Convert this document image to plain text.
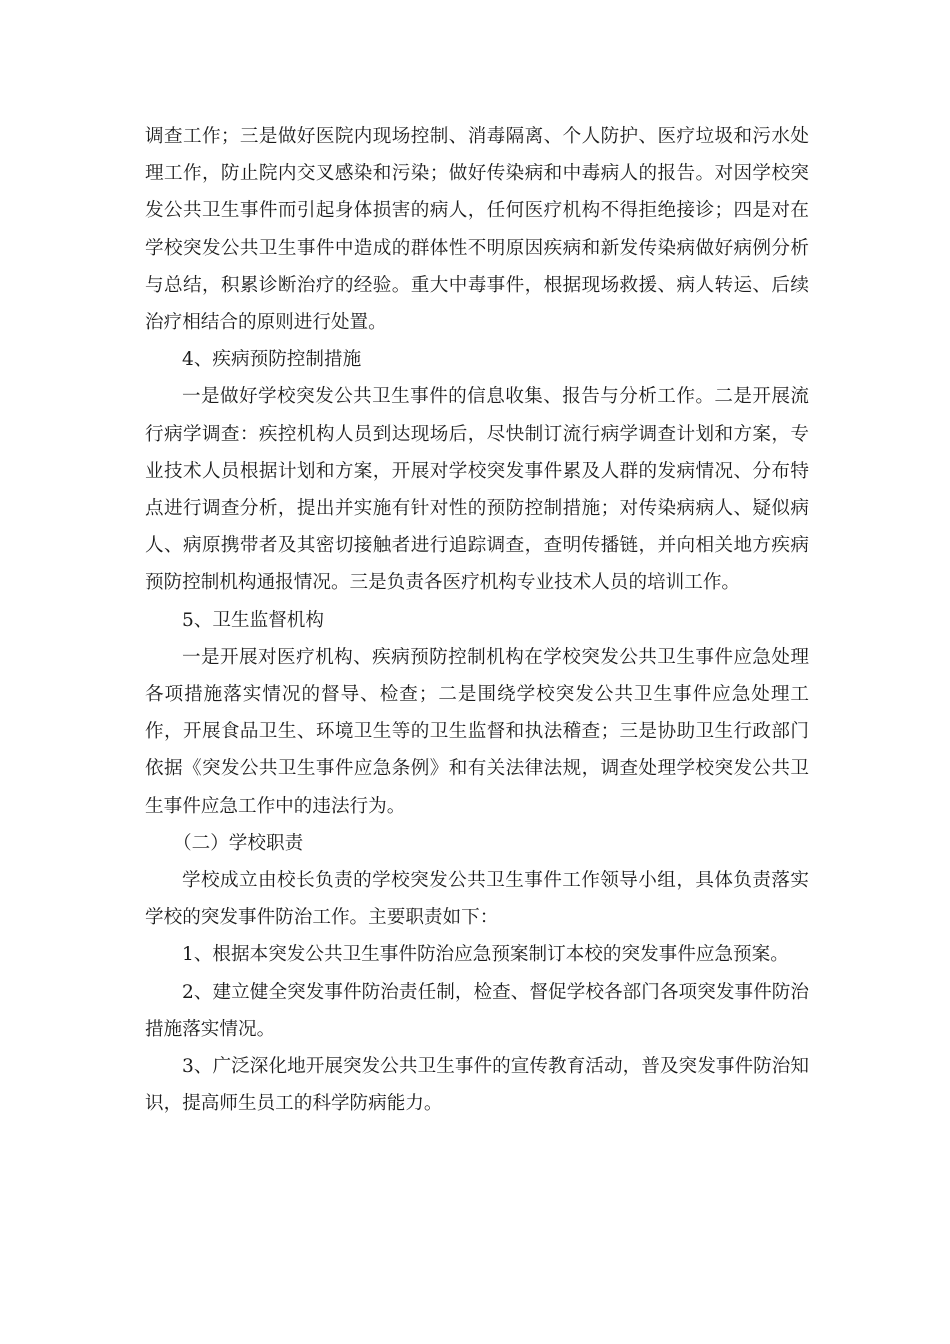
调查工作；三是做好医院内现场控制、消毒隔离、个人防护、医疗垃圾和污水处理工作，防止院内交叉感染和污染；做好传染病和中毒病人的报告。对因学校突发公共卫生事件而引起身体损害的病人，任何医疗机构不得拒绝接诊；四是对在学校突发公共卫生事件中造成的群体性不明原因疾病和新发传染病做好病例分析与总结，积累诊断治疗的经验。重大中毒事件，根据现场救援、病人转运、后续治疗相结合的原则进行处置。

4、疾病预防控制措施

一是做好学校突发公共卫生事件的信息收集、报告与分析工作。二是开展流行病学调查：疾控机构人员到达现场后，尽快制订流行病学调查计划和方案，专业技术人员根据计划和方案，开展对学校突发事件累及人群的发病情况、分布特点进行调查分析，提出并实施有针对性的预防控制措施；对传染病病人、疑似病人、病原携带者及其密切接触者进行追踪调查，查明传播链，并向相关地方疾病预防控制机构通报情况。三是负责各医疗机构专业技术人员的培训工作。

5、卫生监督机构

一是开展对医疗机构、疾病预防控制机构在学校突发公共卫生事件应急处理各项措施落实情况的督导、检查；二是围绕学校突发公共卫生事件应急处理工作，开展食品卫生、环境卫生等的卫生监督和执法稽查；三是协助卫生行政部门依据《突发公共卫生事件应急条例》和有关法律法规，调查处理学校突发公共卫生事件应急工作中的违法行为。

（二）学校职责

学校成立由校长负责的学校突发公共卫生事件工作领导小组，具体负责落实学校的突发事件防治工作。主要职责如下：

1、根据本突发公共卫生事件防治应急预案制订本校的突发事件应急预案。

2、建立健全突发事件防治责任制，检查、督促学校各部门各项突发事件防治措施落实情况。

3、广泛深化地开展突发公共卫生事件的宣传教育活动，普及突发事件防治知识，提高师生员工的科学防病能力。
